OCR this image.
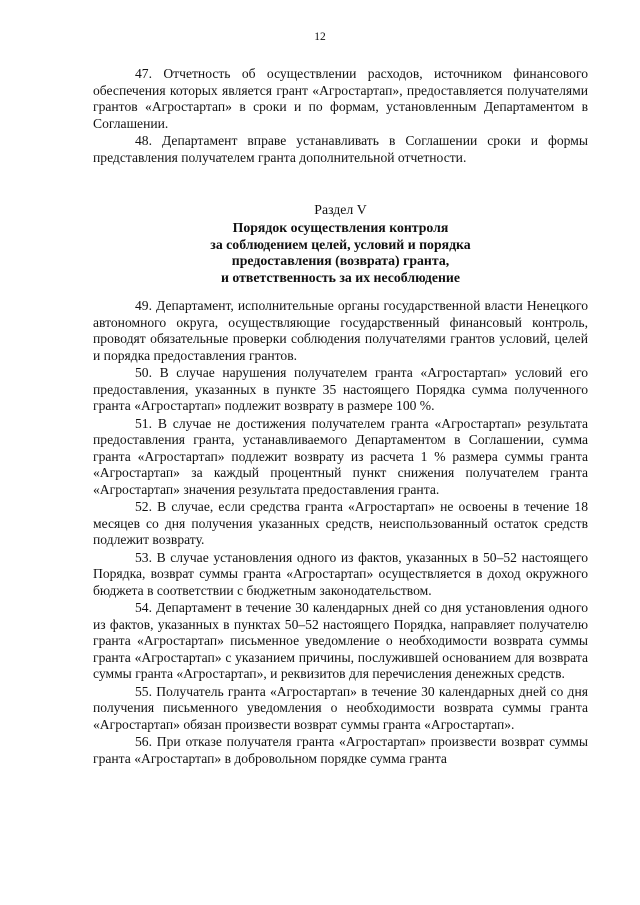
12

47. Отчетность об осуществлении расходов, источником финансового обеспечения которых является грант «Агростартап», предоставляется получателями грантов «Агростартап» в сроки и по формам, установленным Департаментом в Соглашении.

48. Департамент вправе устанавливать в Соглашении сроки и формы представления получателем гранта дополнительной отчетности.

Раздел V
Порядок осуществления контроля
за соблюдением целей, условий и порядка
предоставления (возврата) гранта,
и ответственность за их несоблюдение

49. Департамент, исполнительные органы государственной власти Ненецкого автономного округа, осуществляющие государственный финансовый контроль, проводят обязательные проверки соблюдения получателями грантов условий, целей и порядка предоставления грантов.

50. В случае нарушения получателем гранта «Агростартап» условий его предоставления, указанных в пункте 35 настоящего Порядка сумма полученного гранта «Агростартап» подлежит возврату в размере 100 %.

51. В случае не достижения получателем гранта «Агростартап» результата предоставления гранта, устанавливаемого Департаментом в Соглашении, сумма гранта «Агростартап» подлежит возврату из расчета 1 % размера суммы гранта «Агростартап» за каждый процентный пункт снижения получателем гранта «Агростартап» значения результата предоставления гранта.

52. В случае, если средства гранта «Агростартап» не освоены в течение 18 месяцев со дня получения указанных средств, неиспользованный остаток средств подлежит возврату.

53. В случае установления одного из фактов, указанных в 50–52 настоящего Порядка, возврат суммы гранта «Агростартап» осуществляется в доход окружного бюджета в соответствии с бюджетным законодательством.

54. Департамент в течение 30 календарных дней со дня установления одного из фактов, указанных в пунктах 50–52 настоящего Порядка, направляет получателю гранта «Агростартап» письменное уведомление о необходимости возврата суммы гранта «Агростартап» с указанием причины, послужившей основанием для возврата суммы гранта «Агростартап», и реквизитов для перечисления денежных средств.

55. Получатель гранта «Агростартап» в течение 30 календарных дней со дня получения письменного уведомления о необходимости возврата суммы гранта «Агростартап» обязан произвести возврат суммы гранта «Агростартап».

56. При отказе получателя гранта «Агростартап» произвести возврат суммы гранта «Агростартап» в добровольном порядке сумма гранта
